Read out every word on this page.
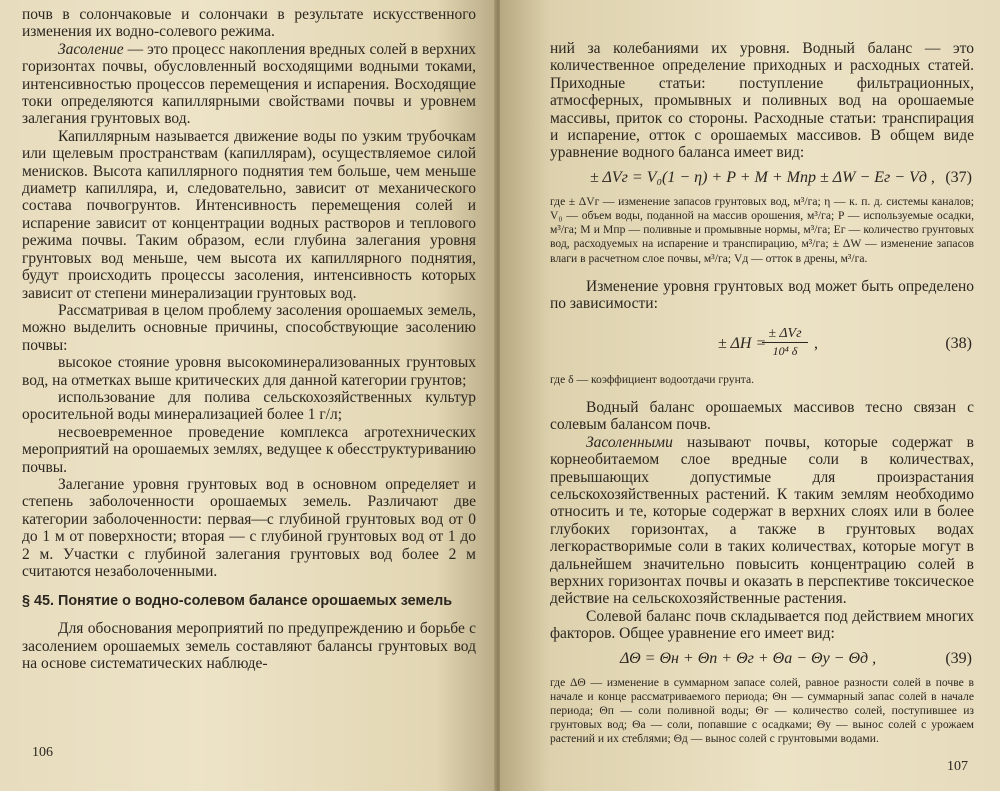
почв в солончаковые и солончаки в результате искусственного изменения их водно-солевого режима.

Засоление — это процесс накопления вредных солей в верхних горизонтах почвы, обусловленный восходящими водными токами, интенсивностью процессов перемещения и испарения. Восходящие токи определяются капиллярными свойствами почвы и уровнем залегания грунтовых вод.

Капиллярным называется движение воды по узким трубочкам или щелевым пространствам (капиллярам), осуществляемое силой менисков. Высота капиллярного поднятия тем больше, чем меньше диаметр капилляра, и, следовательно, зависит от механического состава почвогрунтов. Интенсивность перемещения солей и испарение зависит от концентрации водных растворов и теплового режима почвы. Таким образом, если глубина залегания уровня грунтовых вод меньше, чем высота их капиллярного поднятия, будут происходить процессы засоления, интенсивность которых зависит от степени минерализации грунтовых вод.

Рассматривая в целом проблему засоления орошаемых земель, можно выделить основные причины, способствующие засолению почвы:

высокое стояние уровня высокоминерализованных грунтовых вод, на отметках выше критических для данной категории грунтов;

использование для полива сельскохозяйственных культур оросительной воды минерализацией более 1 г/л;

несвоевременное проведение комплекса агротехнических мероприятий на орошаемых землях, ведущее к обесструктуриванию почвы.

Залегание уровня грунтовых вод в основном определяет и степень заболоченности орошаемых земель. Различают две категории заболоченности: первая—с глубиной грунтовых вод от 0 до 1 м от поверхности; вторая — с глубиной грунтовых вод от 1 до 2 м. Участки с глубиной залегания грунтовых вод более 2 м считаются незаболоченными.

§ 45. Понятие о водно-солевом балансе орошаемых земель

Для обоснования мероприятий по предупреждению и борьбе с засолением орошаемых земель составляют балансы грунтовых вод на основе систематических наблюде-

106

ний за колебаниями их уровня. Водный баланс — это количественное определение приходных и расходных статей. Приходные статьи: поступление фильтрационных, атмосферных, промывных и поливных вод на орошаемые массивы, приток со стороны. Расходные статьи: транспирация и испарение, отток с орошаемых массивов. В общем виде уравнение водного баланса имеет вид:

± ΔVг = V₀(1 − η) + P + M + Mпр ± ΔW − Eг − Vд , (37)

где ± ΔVг — изменение запасов грунтовых вод, м³/га; η — к. п. д. системы каналов; V₀ — объем воды, поданной на массив орошения, м³/га; P — используемые осадки, м³/га; M и Mпр — поливные и промывные нормы, м³/га; Eг — количество грунтовых вод, расходуемых на испарение и транспирацию, м³/га; ± ΔW — изменение запасов влаги в расчетном слое почвы, м³/га; Vд — отток в дрены, м³/га.

Изменение уровня грунтовых вод может быть определено по зависимости:

± ΔH =
± ΔVг
10⁴ δ	,	(38)

где δ — коэффициент водоотдачи грунта.

Водный баланс орошаемых массивов тесно связан с солевым балансом почв.

Засоленными называют почвы, которые содержат в корнеобитаемом слое вредные соли в количествах, превышающих допустимые для произрастания сельскохозяйственных растений. К таким землям необходимо относить и те, которые содержат в верхних слоях или в более глубоких горизонтах, а также в грунтовых водах легкорастворимые соли в таких количествах, которые могут в дальнейшем значительно повысить концентрацию солей в верхних горизонтах почвы и оказать в перспективе токсическое действие на сельскохозяйственные растения.

Солевой баланс почв складывается под действием многих факторов. Общее уравнение его имеет вид:

ΔΘ = Θн + Θп + Θг + Θа − Θу − Θд ,	(39)

где ΔΘ — изменение в суммарном запасе солей, равное разности солей в почве в начале и конце рассматриваемого периода; Θн — суммарный запас солей в начале периода; Θп — соли поливной воды; Θг — количество солей, поступившее из грунтовых вод; Θа — соли, попавшие с осадками; Θу — вынос солей с урожаем растений и их стеблями; Θд — вынос солей с грунтовыми водами.

107
